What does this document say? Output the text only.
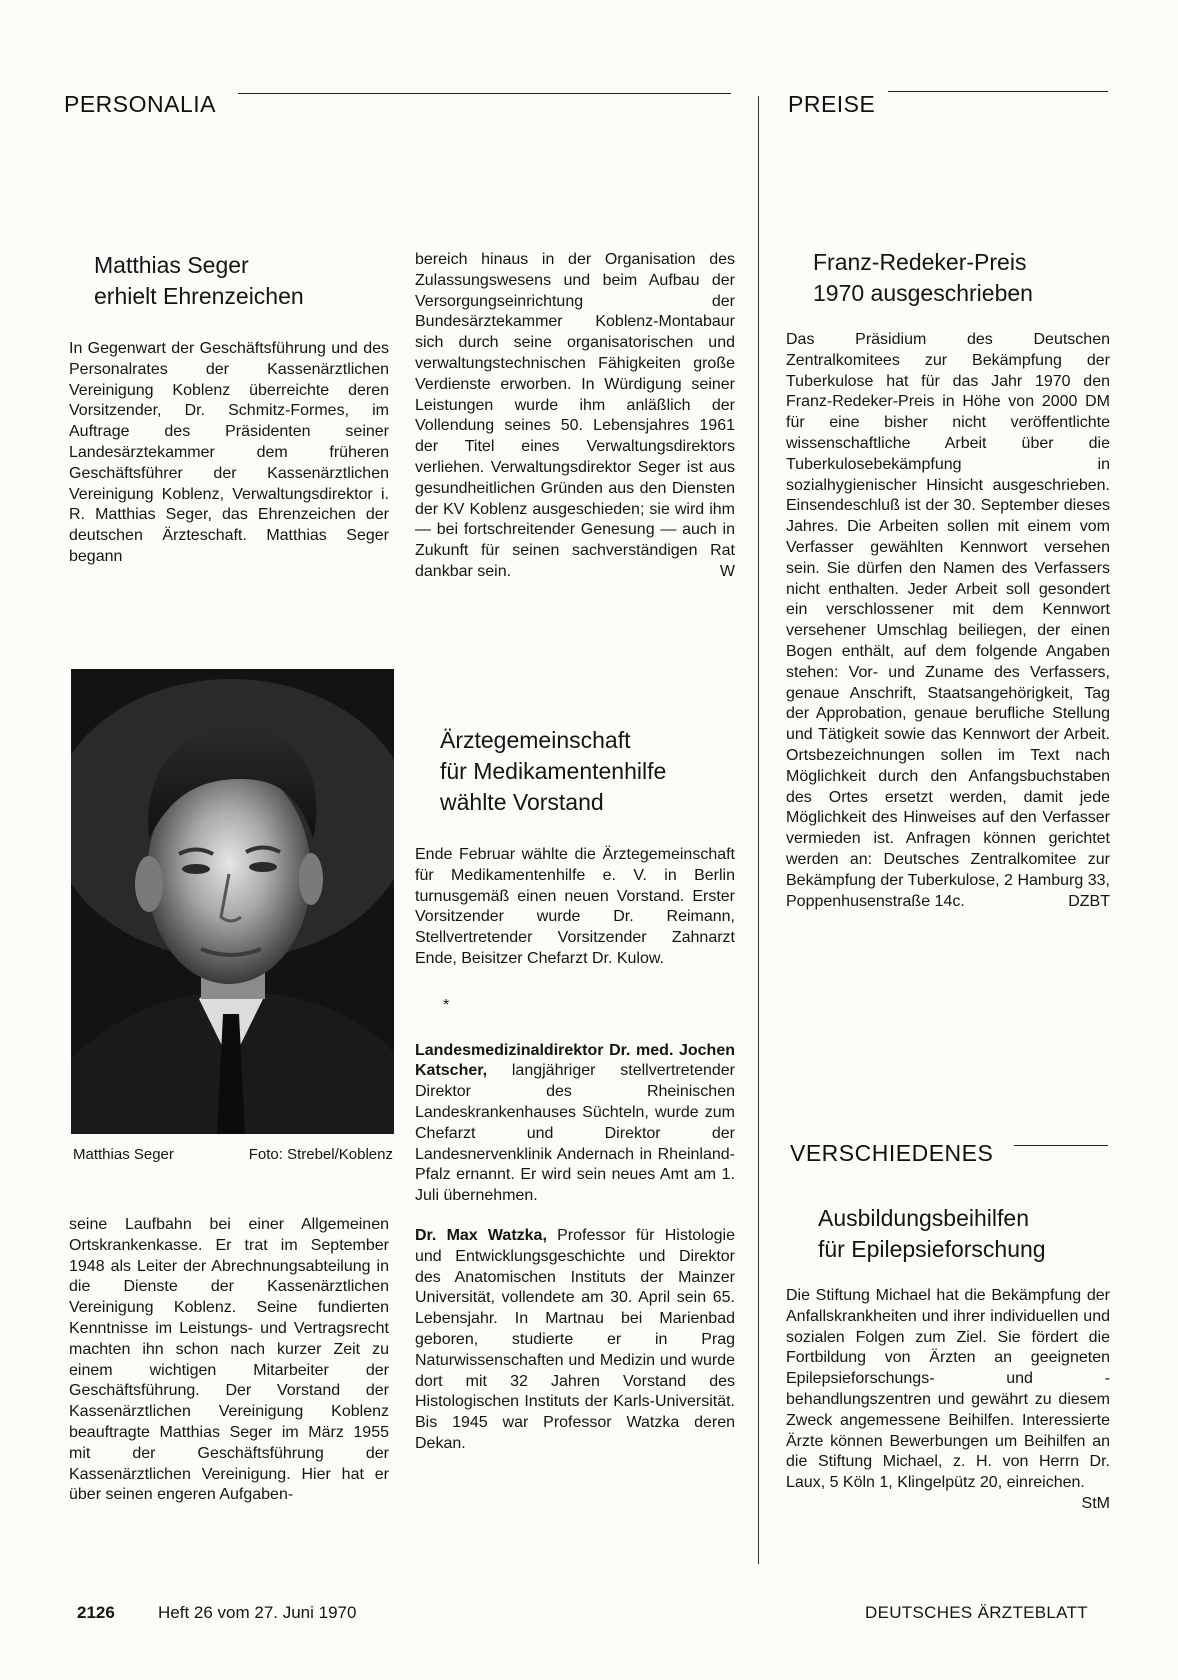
PERSONALIA	PREISE
Matthias Seger
erhielt Ehrenzeichen

In Gegenwart der Geschäftsführung und des Personalrates der Kassenärztlichen Vereinigung Koblenz überreichte deren Vorsitzender, Dr. Schmitz-Formes, im Auftrage des Präsidenten seiner Landesärztekammer dem früheren Geschäftsführer der Kassenärztlichen Vereinigung Koblenz, Verwaltungsdirektor i. R. Matthias Seger, das Ehrenzeichen der deutschen Ärzteschaft. Matthias Seger begann

Matthias Seger	Foto: Strebel/Koblenz

seine Laufbahn bei einer Allgemeinen Ortskrankenkasse. Er trat im September 1948 als Leiter der Abrechnungsabteilung in die Dienste der Kassenärztlichen Vereinigung Koblenz. Seine fundierten Kenntnisse im Leistungs- und Vertragsrecht machten ihn schon nach kurzer Zeit zu einem wichtigen Mitarbeiter der Geschäftsführung. Der Vorstand der Kassenärztlichen Vereinigung Koblenz beauftragte Matthias Seger im März 1955 mit der Geschäftsführung der Kassenärztlichen Vereinigung. Hier hat er über seinen engeren Aufgaben-

bereich hinaus in der Organisation des Zulassungswesens und beim Aufbau der Versorgungseinrichtung der Bundesärztekammer Koblenz-Montabaur sich durch seine organisatorischen und verwaltungstechnischen Fähigkeiten große Verdienste erworben. In Würdigung seiner Leistungen wurde ihm anläßlich der Vollendung seines 50. Lebensjahres 1961 der Titel eines Verwaltungsdirektors verliehen. Verwaltungsdirektor Seger ist aus gesundheitlichen Gründen aus den Diensten der KV Koblenz ausgeschieden; sie wird ihm — bei fortschreitender Genesung — auch in Zukunft für seinen sachverständigen Rat dankbar sein.	W

Ärztegemeinschaft
für Medikamentenhilfe
wählte Vorstand

Ende Februar wählte die Ärztegemeinschaft für Medikamentenhilfe e. V. in Berlin turnusgemäß einen neuen Vorstand. Erster Vorsitzender wurde Dr. Reimann, Stellvertretender Vorsitzender Zahnarzt Ende, Beisitzer Chefarzt Dr. Kulow.

*

Landesmedizinaldirektor Dr. med. Jochen Katscher, langjähriger stellvertretender Direktor des Rheinischen Landeskrankenhauses Süchteln, wurde zum Chefarzt und Direktor der Landesnervenklinik Andernach in Rheinland-Pfalz ernannt. Er wird sein neues Amt am 1. Juli übernehmen.

Dr. Max Watzka, Professor für Histologie und Entwicklungsgeschichte und Direktor des Anatomischen Instituts der Mainzer Universität, vollendete am 30. April sein 65. Lebensjahr. In Martnau bei Marienbad geboren, studierte er in Prag Naturwissenschaften und Medizin und wurde dort mit 32 Jahren Vorstand des Histologischen Instituts der Karls-Universität. Bis 1945 war Professor Watzka deren Dekan.

Franz-Redeker-Preis
1970 ausgeschrieben

Das Präsidium des Deutschen Zentralkomitees zur Bekämpfung der Tuberkulose hat für das Jahr 1970 den Franz-Redeker-Preis in Höhe von 2000 DM für eine bisher nicht veröffentlichte wissenschaftliche Arbeit über die Tuberkulosebekämpfung in sozialhygienischer Hinsicht ausgeschrieben. Einsendeschluß ist der 30. September dieses Jahres. Die Arbeiten sollen mit einem vom Verfasser gewählten Kennwort versehen sein. Sie dürfen den Namen des Verfassers nicht enthalten. Jeder Arbeit soll gesondert ein verschlossener mit dem Kennwort versehener Umschlag beiliegen, der einen Bogen enthält, auf dem folgende Angaben stehen: Vor- und Zuname des Verfassers, genaue Anschrift, Staatsangehörigkeit, Tag der Approbation, genaue berufliche Stellung und Tätigkeit sowie das Kennwort der Arbeit. Ortsbezeichnungen sollen im Text nach Möglichkeit durch den Anfangsbuchstaben des Ortes ersetzt werden, damit jede Möglichkeit des Hinweises auf den Verfasser vermieden ist. Anfragen können gerichtet werden an: Deutsches Zentralkomitee zur Bekämpfung der Tuberkulose, 2 Hamburg 33, Poppenhusenstraße 14c.	DZBT

VERSCHIEDENES
Ausbildungsbeihilfen
für Epilepsieforschung

Die Stiftung Michael hat die Bekämpfung der Anfallskrankheiten und ihrer individuellen und sozialen Folgen zum Ziel. Sie fördert die Fortbildung von Ärzten an geeigneten Epilepsieforschungs- und -behandlungszentren und gewährt zu diesem Zweck angemessene Beihilfen. Interessierte Ärzte können Bewerbungen um Beihilfen an die Stiftung Michael, z. H. von Herrn Dr. Laux, 5 Köln 1, Klingelpütz 20, einreichen.
StM

2126	Heft 26 vom 27. Juni 1970	DEUTSCHES ÄRZTEBLATT
